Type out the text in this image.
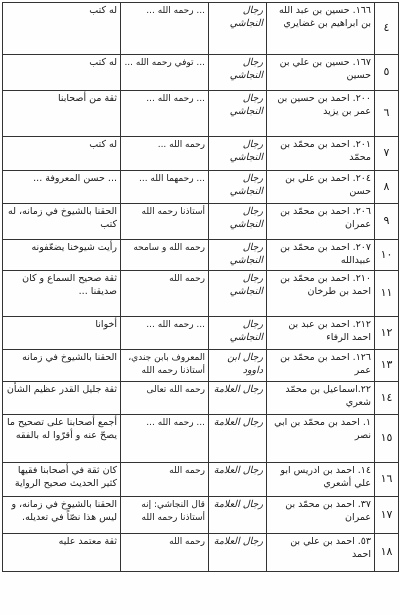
٤	١٦٦. حسين بن عبد الله بن ابراهيم بن غضايري	رجال النجاشي	... رحمه الله ...	له كتب
٥	١٦٧. حسين بن علي بن حسين	رجال النجاشي	... توفي رحمه الله ...	له كتب
٦	٢٠٠. احمد بن حسين بن عمر بن يزيد	رجال النجاشي	... رحمه الله ...	ثقة من أصحابنا
٧	٢٠١. احمد بن محمّد بن محمّد	رجال النجاشي	رحمه الله ...	له كتب
٨	٢٠٤. احمد بن علي بن حسن	رجال النجاشي	... رحمهما الله ...	... حسن المعروفة ...
٩	٢٠٦. احمد بن محمّد بن عمران	رجال النجاشي	أستاذنا رحمه الله	الحقنا بالشيوخ في زمانه، له كتب
١٠	٢٠٧. احمد بن محمّد بن عبيدالله	رجال النجاشي	رحمه الله و سامحه	رأيت شيوخنا يضعّفونه
١١	٢١٠. احمد بن محمّد بن احمد بن طرخان	رجال النجاشي	رحمه الله	ثقة صحيح السماع و كان صديقنا ...
١٢	٢١٢. احمد بن عبد بن احمد الرفاء	رجال النجاشي	... رحمه الله ...	أخوانا
١٣	١٢٦. احمد بن محمّد بن عمر	رجال ابن داوود	المعروف بابن جندي، أستاذنا رحمه الله	الحقنا بالشيوخ في زمانه
١٤	٢٢.اسماعيل بن محمّد شعري	رجال العلامة	رحمه الله تعالى	ثقة جليل القدر عظيم الشأن
١٥	١. احمد بن محمّد بن ابي نصر	رجال العلامة	... رحمه الله ...	أجمع أصحابنا على تصحيح ما يصحّ عنه و أقرّوا له بالفقه
١٦	١٤. احمد بن ادريس ابو علي أشعري	رجال العلامة	رحمه الله	كان ثقة في أصحابنا فقيها كثير الحديث صحيح الرواية
١٧	٣٧. احمد بن محمّد بن عمران	رجال العلامة	قال النجاشي: إنه أستاذنا رحمه الله	الحقنا بالشيوخ في زمانه، و ليس هذا نصّاً في تعديله.
١٨	٥٣. احمد بن علي بن احمد	رجال العلامة	رحمه الله	ثقة معتمد عليه
